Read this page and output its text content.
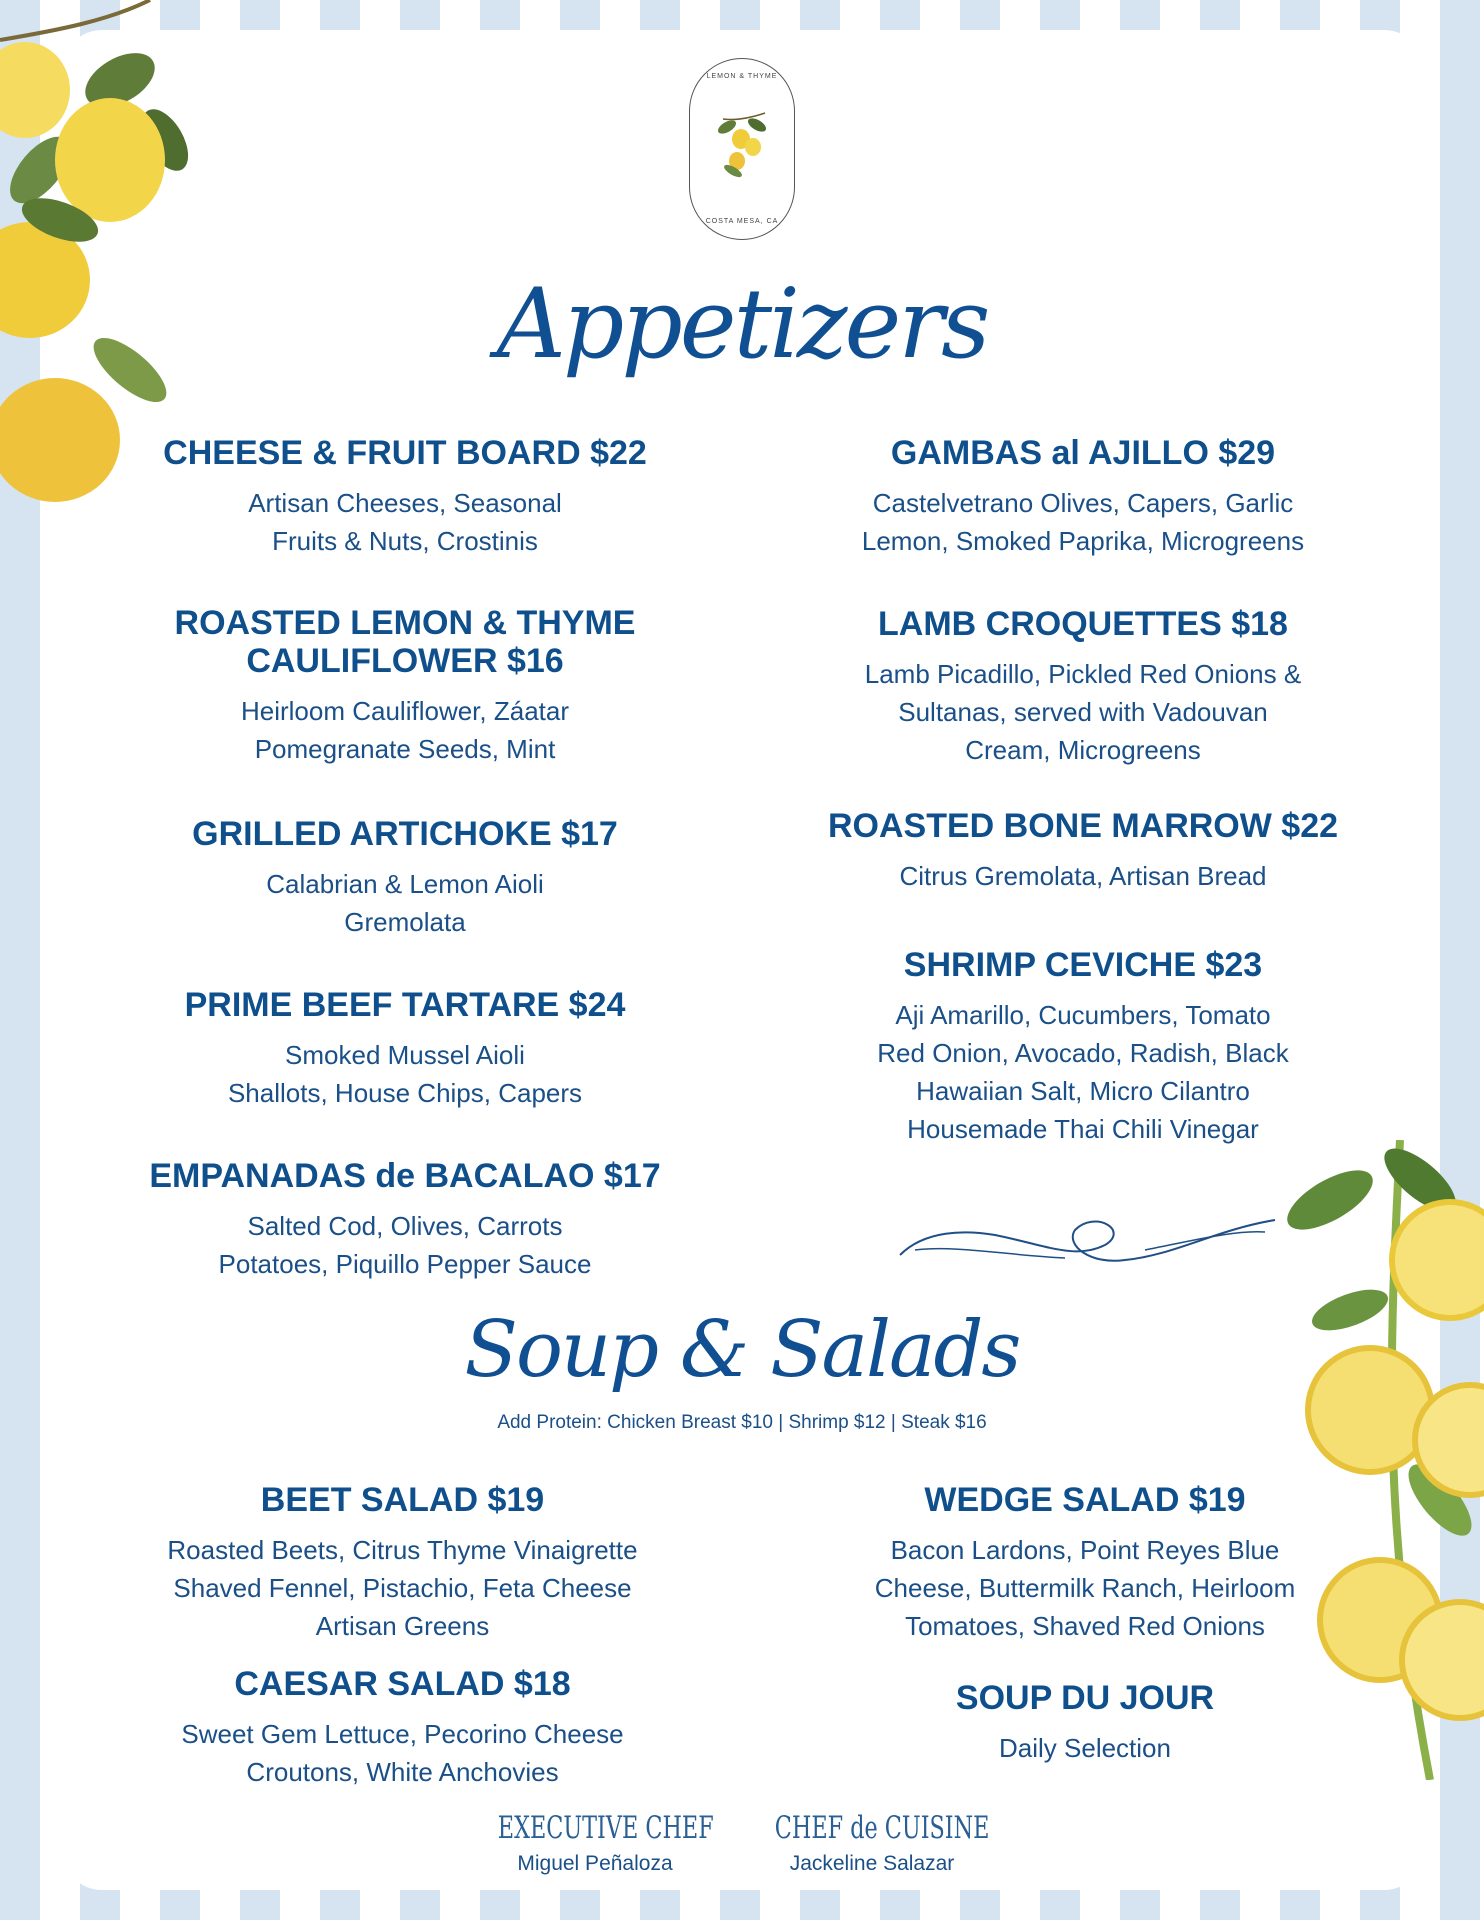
LEMON & THYME
COSTA MESA, CA
Appetizers
Soup & Salads
Add Protein: Chicken Breast $10 | Shrimp $12 | Steak $16
CHEESE & FRUIT BOARD $22
Artisan Cheeses, Seasonal
Fruits & Nuts, Crostinis
ROASTED LEMON & THYME
CAULIFLOWER $16
Heirloom Cauliflower, Záatar
Pomegranate Seeds, Mint
GRILLED ARTICHOKE $17
Calabrian & Lemon Aioli
Gremolata
PRIME BEEF TARTARE $24
Smoked Mussel Aioli
Shallots, House Chips, Capers
EMPANADAS de BACALAO $17
Salted Cod, Olives, Carrots
Potatoes, Piquillo Pepper Sauce
GAMBAS al AJILLO $29
Castelvetrano Olives, Capers, Garlic
Lemon, Smoked Paprika, Microgreens
LAMB CROQUETTES $18
Lamb Picadillo, Pickled Red Onions &
Sultanas, served with Vadouvan
Cream, Microgreens
ROASTED BONE MARROW $22
Citrus Gremolata, Artisan Bread
SHRIMP CEVICHE $23
Aji Amarillo, Cucumbers, Tomato
Red Onion, Avocado, Radish, Black
Hawaiian Salt, Micro Cilantro
Housemade Thai Chili Vinegar
BEET SALAD $19
Roasted Beets, Citrus Thyme Vinaigrette
Shaved Fennel, Pistachio, Feta Cheese
Artisan Greens
CAESAR SALAD $18
Sweet Gem Lettuce, Pecorino Cheese
Croutons, White Anchovies
WEDGE SALAD $19
Bacon Lardons, Point Reyes Blue
Cheese, Buttermilk Ranch, Heirloom
Tomatoes, Shaved Red Onions
SOUP DU JOUR
Daily Selection
EXECUTIVE CHEF
Miguel Peñaloza
CHEF de CUISINE
Jackeline Salazar
